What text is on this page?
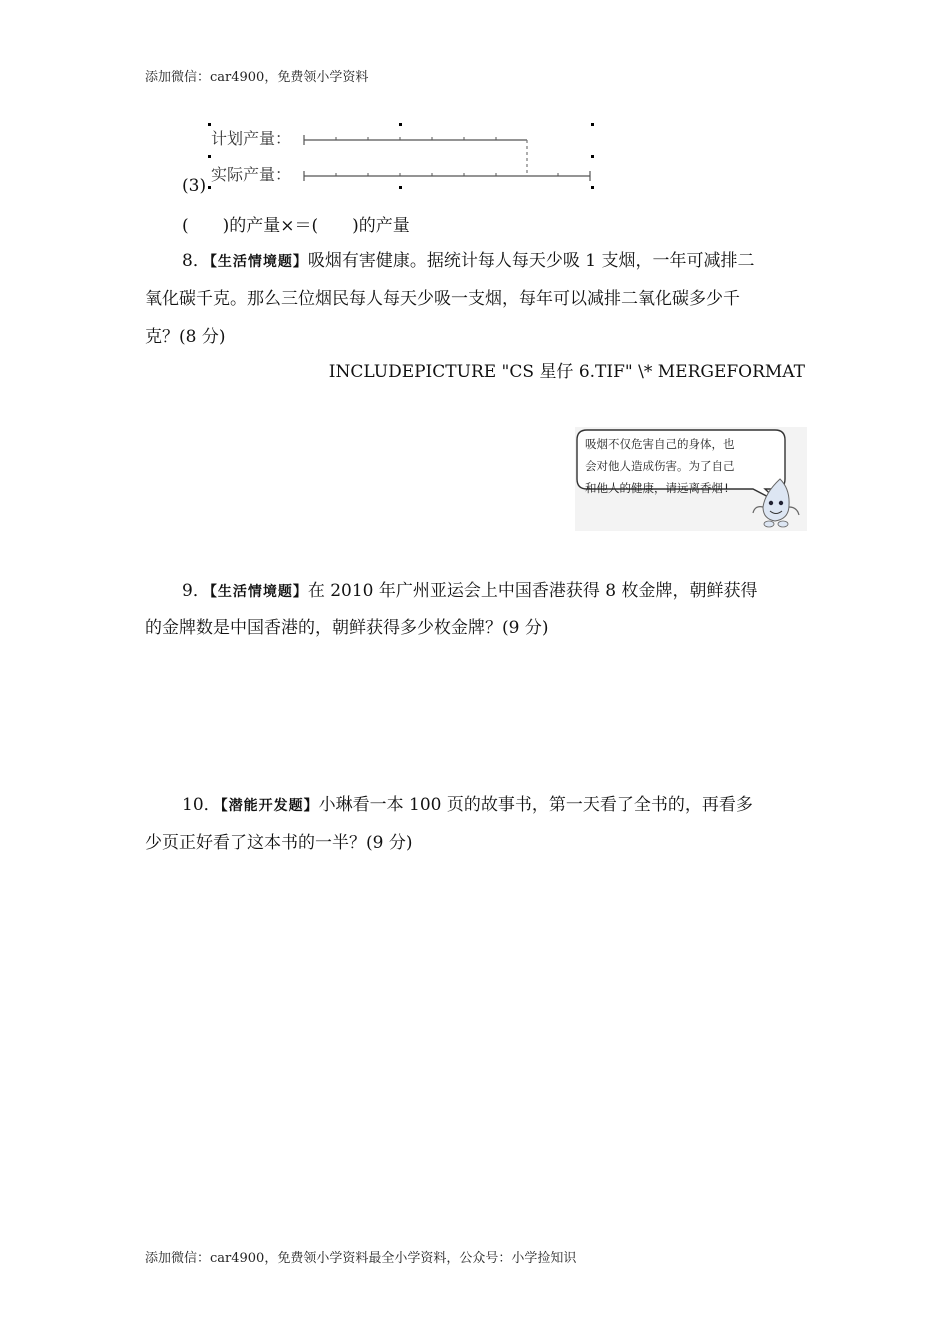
添加微信：car4900，免费领小学资料
计划产量：
实际产量：
(3)
(　　)的产量×＝(　　)的产量
8．【生活情境题】吸烟有害健康。据统计每人每天少吸 1 支烟，一年可减排二
氧化碳千克。那么三位烟民每人每天少吸一支烟，每年可以减排二氧化碳多少千
克？(8 分)
INCLUDEPICTURE "CS 星仔 6.TIF" \* MERGEFORMAT
吸烟不仅危害自己的身体，也
会对他人造成伤害。为了自己
和他人的健康，请远离香烟!
9．【生活情境题】在 2010 年广州亚运会上中国香港获得 8 枚金牌，朝鲜获得
的金牌数是中国香港的，朝鲜获得多少枚金牌？(9 分)
10．【潜能开发题】小琳看一本 100 页的故事书，第一天看了全书的，再看多
少页正好看了这本书的一半？(9 分)
添加微信：car4900，免费领小学资料最全小学资料，公众号：小学捡知识
